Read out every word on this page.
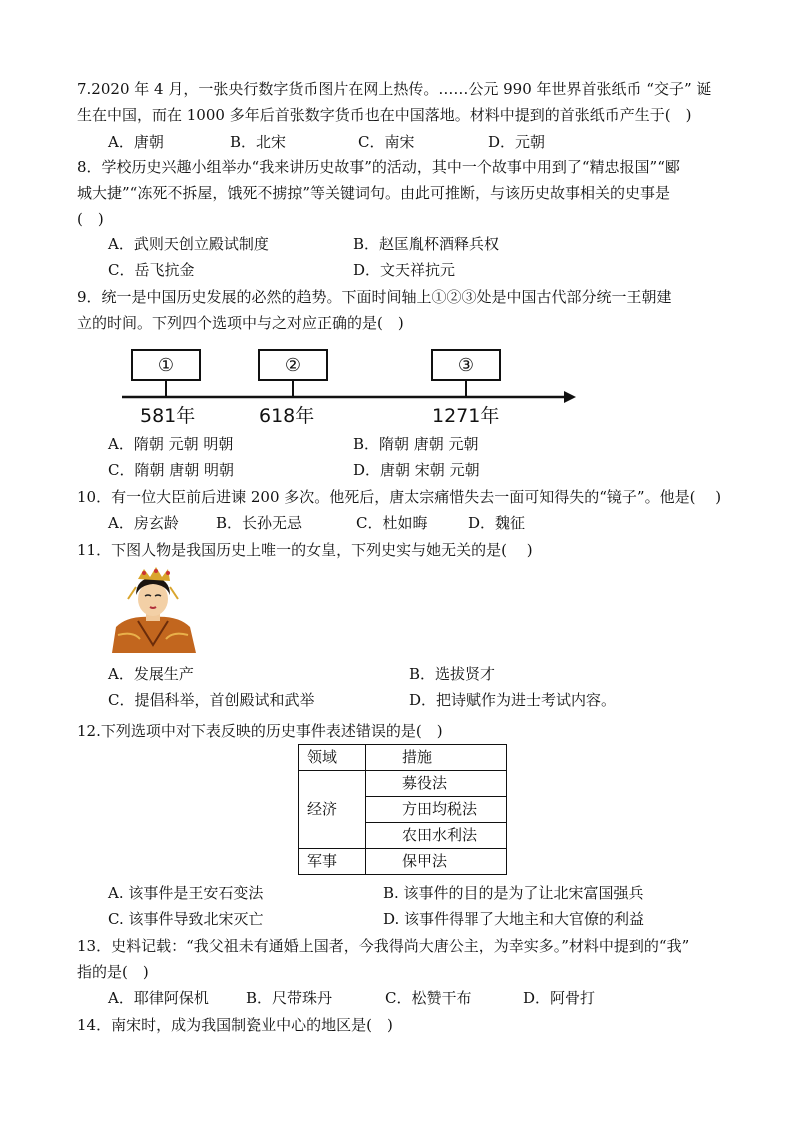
7.2020 年 4 月，一张央行数字货币图片在网上热传。……公元 990 年世界首张纸币 “交子” 诞
生在中国，而在 1000 多年后首张数字货币也在中国落地。材料中提到的首张纸币产生于(　)
A．唐朝	B．北宋	C．南宋	D．元朝
8．学校历史兴趣小组举办“我来讲历史故事”的活动，其中一个故事中用到了“精忠报国”“郾
城大捷”“冻死不拆屋，饿死不掳掠”等关键词句。由此可推断，与该历史故事相关的史事是
(　)
A．武则天创立殿试制度	B．赵匡胤杯酒释兵权
C．岳飞抗金	D．文天祥抗元
9．统一是中国历史发展的必然的趋势。下面时间轴上①②③处是中国古代部分统一王朝建
立的时间。下列四个选项中与之对应正确的是(　)
①	②	③
581年	618年	1271年
A．隋朝 元朝 明朝	B．隋朝 唐朝 元朝
C．隋朝 唐朝 明朝	D．唐朝 宋朝 元朝
10．有一位大臣前后进谏 200 多次。他死后，唐太宗痛惜失去一面可知得失的“镜子”。他是(　 )
A．房玄龄 B．长孙无忌	C．杜如晦	D．魏征
11．下图人物是我国历史上唯一的女皇，下列史实与她无关的是(　 )
A．发展生产	B．选拔贤才
C．提倡科举，首创殿试和武举	D．把诗赋作为进士考试内容。
12.下列选项中对下表反映的历史事件表述错误的是(　)
领域	措施
经济	募役法
	方田均税法
	农田水利法
军事	保甲法
A. 该事件是王安石变法	B. 该事件的目的是为了让北宋富国强兵
C. 该事件导致北宋灭亡	D. 该事件得罪了大地主和大官僚的利益
13．史料记载：“我父祖未有通婚上国者，今我得尚大唐公主，为幸实多。”材料中提到的“我”
指的是(　)
A．耶律阿保机 B．尺带珠丹	C．松赞干布	D．阿骨打
14．南宋时，成为我国制瓷业中心的地区是(　)
